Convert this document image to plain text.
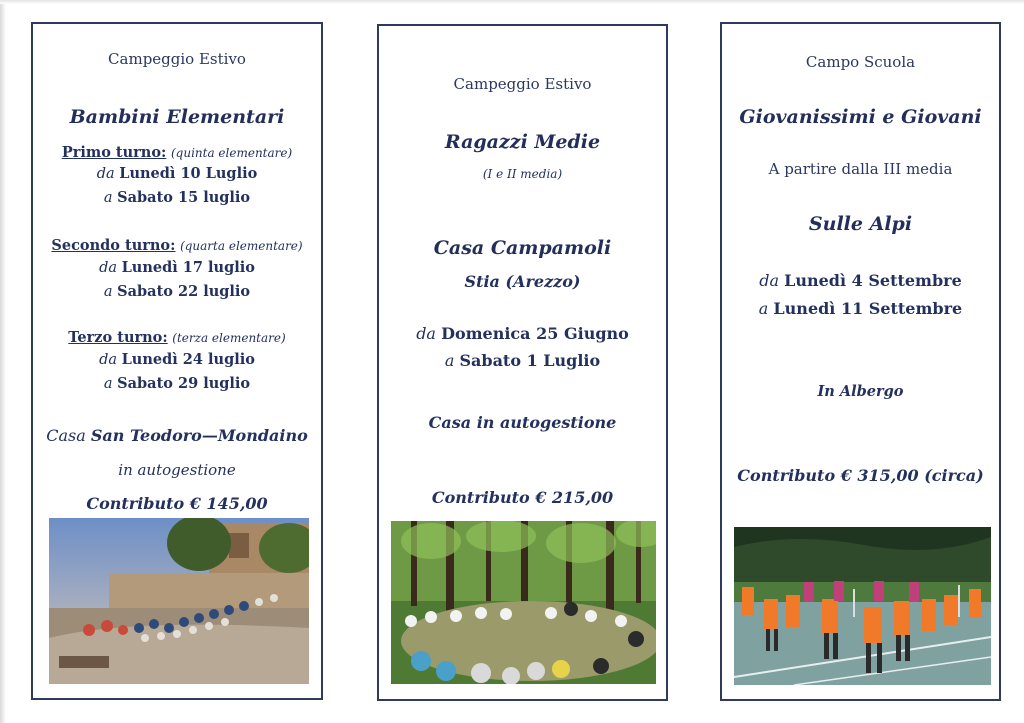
Campeggio Estivo
Bambini Elementari
Primo turno: (quinta elementare)
da Lunedì 10 Luglio
a Sabato 15 luglio
Secondo turno: (quarta elementare)
da Lunedì 17 luglio
a Sabato 22 luglio
Terzo turno: (terza elementare)
da Lunedì 24 luglio
a Sabato 29 luglio
Casa San Teodoro—Mondaino
in autogestione
Contributo € 145,00
Campeggio Estivo
Ragazzi Medie
(I e II media)
Casa Campamoli
Stia (Arezzo)
da Domenica 25 Giugno
a Sabato 1 Luglio
Casa in autogestione
Contributo € 215,00
Campo Scuola
Giovanissimi e Giovani
A partire dalla III media
Sulle Alpi
da Lunedì 4 Settembre
a Lunedì 11 Settembre
In Albergo
Contributo € 315,00 (circa)
